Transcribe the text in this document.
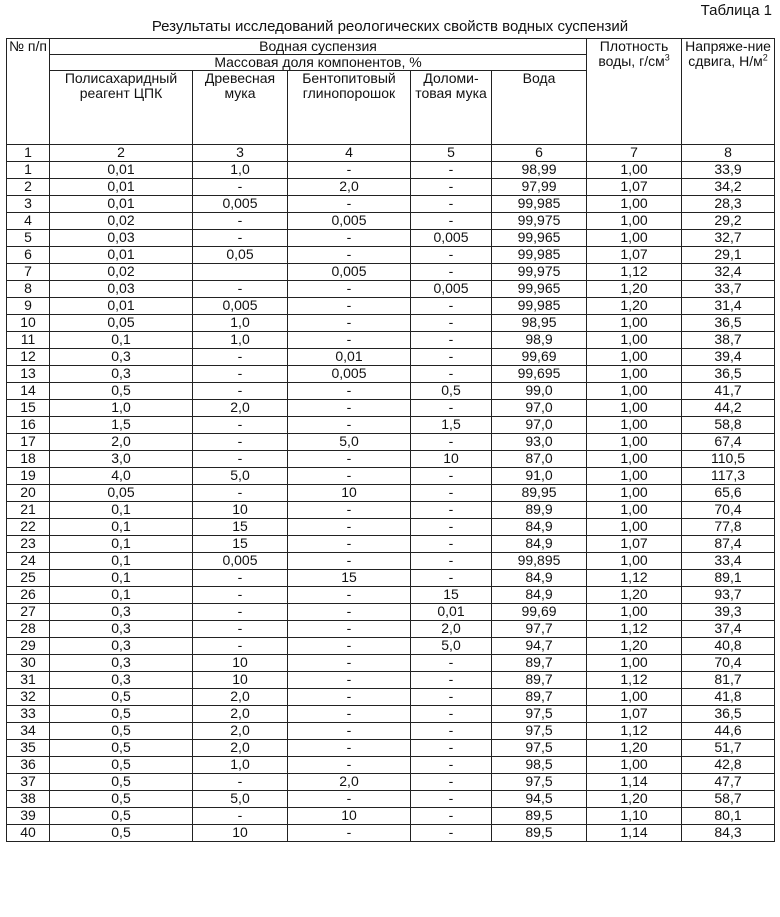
Таблица 1
Результаты исследований реологических свойств водных суспензий
№ п/п	Водная суспензия					Плотность воды, $г/см^3$	Напряже-ние сдвига, $Н/м^2$
	Массовая доля компонентов, %						
	Полисахаридный реагент ЦПК	Древесная мука	Бентопитовый глинопорошок	Доломи-товая мука	Вода		
1	2	3	4	5	6	7	8
1	0,01	1,0	-	-	98,99	1,00	33,9
2	0,01	-	2,0	-	97,99	1,07	34,2
3	0,01	0,005	-	-	99,985	1,00	28,3
4	0,02	-	0,005	-	99,975	1,00	29,2
5	0,03	-	-	0,005	99,965	1,00	32,7
6	0,01	0,05	-	-	99,985	1,07	29,1
7	0,02		0,005	-	99,975	1,12	32,4
8	0,03	-	-	0,005	99,965	1,20	33,7
9	0,01	0,005	-	-	99,985	1,20	31,4
10	0,05	1,0	-	-	98,95	1,00	36,5
11	0,1	1,0	-	-	98,9	1,00	38,7
12	0,3	-	0,01	-	99,69	1,00	39,4
13	0,3	-	0,005	-	99,695	1,00	36,5
14	0,5	-	-	0,5	99,0	1,00	41,7
15	1,0	2,0	-	-	97,0	1,00	44,2
16	1,5	-	-	1,5	97,0	1,00	58,8
17	2,0	-	5,0	-	93,0	1,00	67,4
18	3,0	-	-	10	87,0	1,00	110,5
19	4,0	5,0	-	-	91,0	1,00	117,3
20	0,05	-	10	-	89,95	1,00	65,6
21	0,1	10	-	-	89,9	1,00	70,4
22	0,1	15	-	-	84,9	1,00	77,8
23	0,1	15	-	-	84,9	1,07	87,4
24	0,1	0,005	-	-	99,895	1,00	33,4
25	0,1	-	15	-	84,9	1,12	89,1
26	0,1	-	-	15	84,9	1,20	93,7
27	0,3	-	-	0,01	99,69	1,00	39,3
28	0,3	-	-	2,0	97,7	1,12	37,4
29	0,3	-	-	5,0	94,7	1,20	40,8
30	0,3	10	-	-	89,7	1,00	70,4
31	0,3	10	-	-	89,7	1,12	81,7
32	0,5	2,0	-	-	89,7	1,00	41,8
33	0,5	2,0	-	-	97,5	1,07	36,5
34	0,5	2,0	-	-	97,5	1,12	44,6
35	0,5	2,0	-	-	97,5	1,20	51,7
36	0,5	1,0	-	-	98,5	1,00	42,8
37	0,5	-	2,0	-	97,5	1,14	47,7
38	0,5	5,0	-	-	94,5	1,20	58,7
39	0,5	-	10	-	89,5	1,10	80,1
40	0,5	10	-	-	89,5	1,14	84,3
